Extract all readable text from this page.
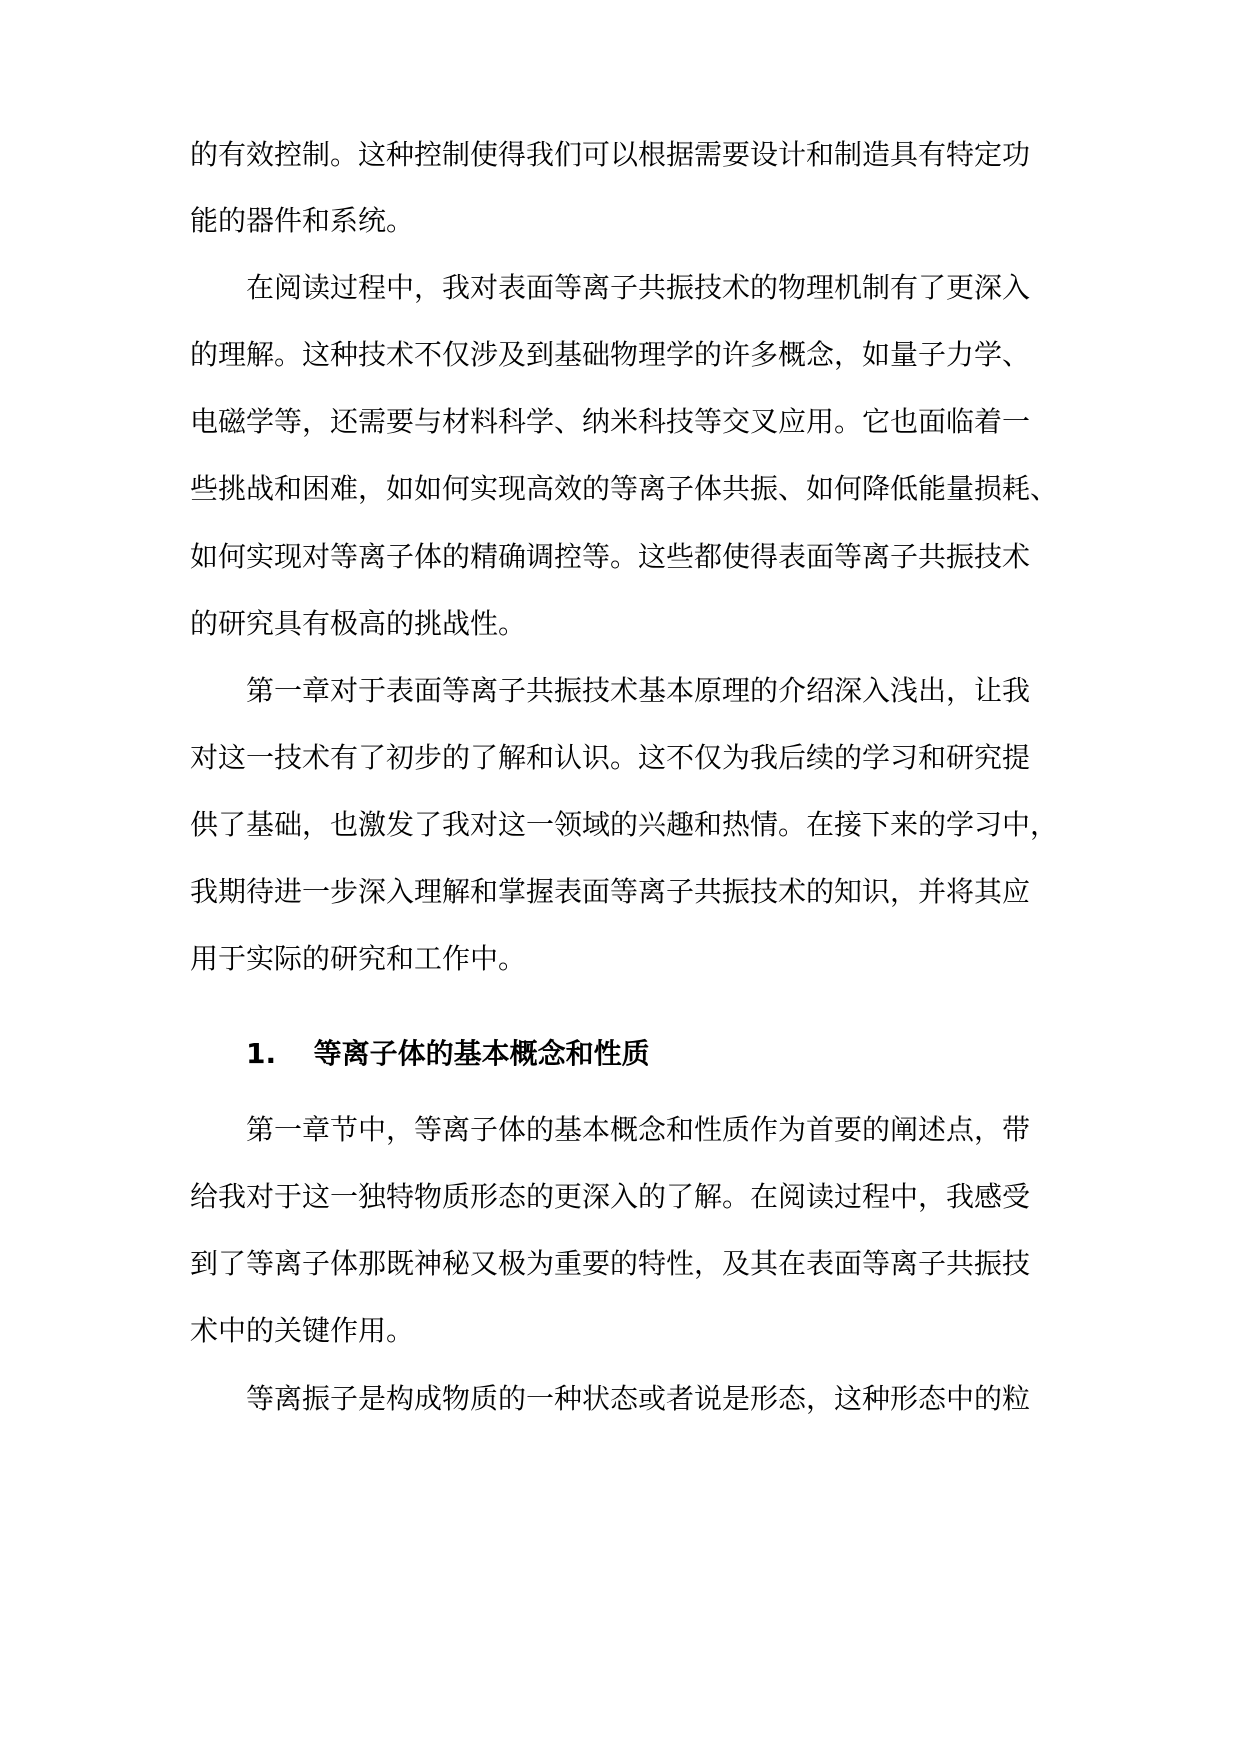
的有效控制。这种控制使得我们可以根据需要设计和制造具有特定功
能的器件和系统。
在阅读过程中，我对表面等离子共振技术的物理机制有了更深入
的理解。这种技术不仅涉及到基础物理学的许多概念，如量子力学、
电磁学等，还需要与材料科学、纳米科技等交叉应用。它也面临着一
些挑战和困难，如如何实现高效的等离子体共振、如何降低能量损耗、
如何实现对等离子体的精确调控等。这些都使得表面等离子共振技术
的研究具有极高的挑战性。
第一章对于表面等离子共振技术基本原理的介绍深入浅出，让我
对这一技术有了初步的了解和认识。这不仅为我后续的学习和研究提
供了基础，也激发了我对这一领域的兴趣和热情。在接下来的学习中，
我期待进一步深入理解和掌握表面等离子共振技术的知识，并将其应
用于实际的研究和工作中。
1. 等离子体的基本概念和性质
第一章节中，等离子体的基本概念和性质作为首要的阐述点，带
给我对于这一独特物质形态的更深入的了解。在阅读过程中，我感受
到了等离子体那既神秘又极为重要的特性，及其在表面等离子共振技
术中的关键作用。
等离振子是构成物质的一种状态或者说是形态，这种形态中的粒
